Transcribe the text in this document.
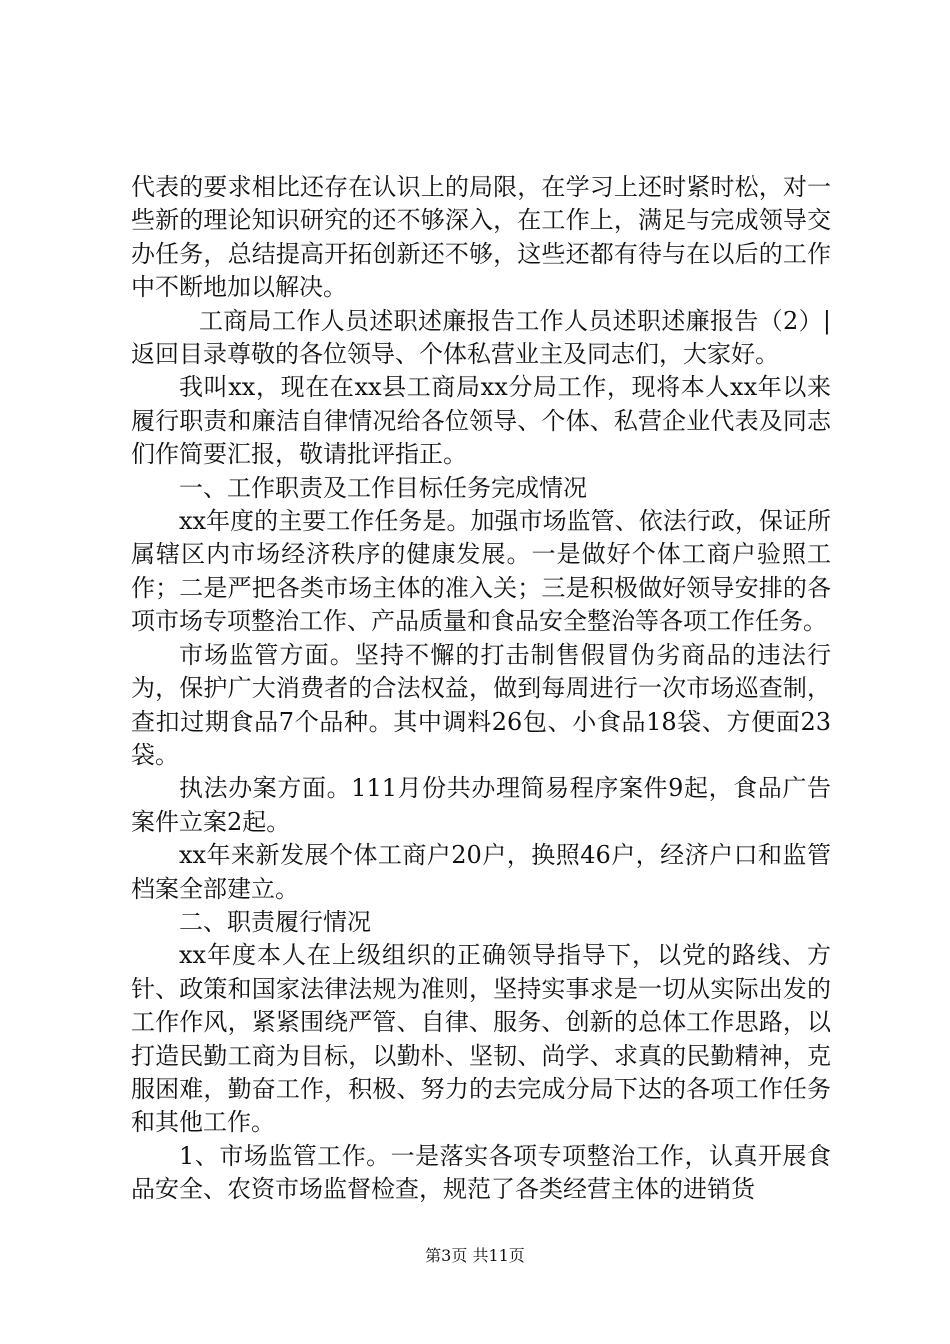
代表的要求相比还存在认识上的局限，在学习上还时紧时松，对一些新的理论知识研究的还不够深入，在工作上，满足与完成领导交办任务，总结提高开拓创新还不够，这些还都有待与在以后的工作中不断地加以解决。

工商局工作人员述职述廉报告工作人员述职述廉报告（2）|返回目录尊敬的各位领导、个体私营业主及同志们，大家好。

我叫xx，现在在xx县工商局xx分局工作，现将本人xx年以来履行职责和廉洁自律情况给各位领导、个体、私营企业代表及同志们作简要汇报，敬请批评指正。

一、工作职责及工作目标任务完成情况

xx年度的主要工作任务是。加强市场监管、依法行政，保证所属辖区内市场经济秩序的健康发展。一是做好个体工商户验照工作；二是严把各类市场主体的准入关；三是积极做好领导安排的各项市场专项整治工作、产品质量和食品安全整治等各项工作任务。

市场监管方面。坚持不懈的打击制售假冒伪劣商品的违法行为，保护广大消费者的合法权益，做到每周进行一次市场巡查制，查扣过期食品7个品种。其中调料26包、小食品18袋、方便面23袋。

执法办案方面。111月份共办理简易程序案件9起，食品广告案件立案2起。

xx年来新发展个体工商户20户，换照46户，经济户口和监管档案全部建立。

二、职责履行情况

xx年度本人在上级组织的正确领导指导下，以党的路线、方针、政策和国家法律法规为准则，坚持实事求是一切从实际出发的工作作风，紧紧围绕严管、自律、服务、创新的总体工作思路，以打造民勤工商为目标，以勤朴、坚韧、尚学、求真的民勤精神，克服困难，勤奋工作，积极、努力的去完成分局下达的各项工作任务和其他工作。

1、市场监管工作。一是落实各项专项整治工作，认真开展食品安全、农资市场监督检查，规范了各类经营主体的进销货

第3页 共11页
